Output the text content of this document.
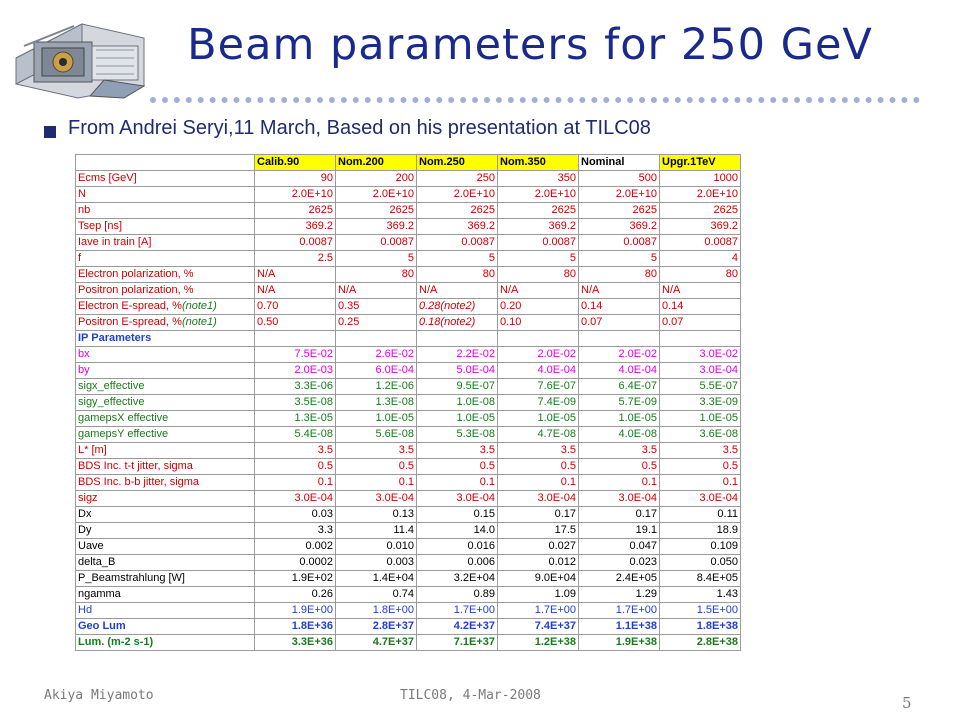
Beam parameters for 250 GeV
From Andrei Seryi,11 March, Based on his presentation at TILC08
	Calib.90	Nom.200	Nom.250	Nom.350	Nominal	Upgr.1TeV
Ecms [GeV]	90	200	250	350	500	1000
N	2.0E+10	2.0E+10	2.0E+10	2.0E+10	2.0E+10	2.0E+10
nb	2625	2625	2625	2625	2625	2625
Tsep [ns]	369.2	369.2	369.2	369.2	369.2	369.2
Iave in train [A]	0.0087	0.0087	0.0087	0.0087	0.0087	0.0087
f	2.5	5	5	5	5	4
Electron polarization, %	N/A	80	80	80	80	80
Positron polarization, %	N/A	N/A	N/A	N/A	N/A	N/A
Electron E-spread, %(note1)	0.70	0.35	0.28(note2)	0.20	0.14	0.14
Positron E-spread, %(note1)	0.50	0.25	0.18(note2)	0.10	0.07	0.07
IP Parameters						
bx	7.5E-02	2.6E-02	2.2E-02	2.0E-02	2.0E-02	3.0E-02
by	2.0E-03	6.0E-04	5.0E-04	4.0E-04	4.0E-04	3.0E-04
sigx_effective	3.3E-06	1.2E-06	9.5E-07	7.6E-07	6.4E-07	5.5E-07
sigy_effective	3.5E-08	1.3E-08	1.0E-08	7.4E-09	5.7E-09	3.3E-09
gamepsX effective	1.3E-05	1.0E-05	1.0E-05	1.0E-05	1.0E-05	1.0E-05
gamepsY effective	5.4E-08	5.6E-08	5.3E-08	4.7E-08	4.0E-08	3.6E-08
L* [m]	3.5	3.5	3.5	3.5	3.5	3.5
BDS Inc. t-t jitter, sigma	0.5	0.5	0.5	0.5	0.5	0.5
BDS Inc. b-b jitter, sigma	0.1	0.1	0.1	0.1	0.1	0.1
sigz	3.0E-04	3.0E-04	3.0E-04	3.0E-04	3.0E-04	3.0E-04
Dx	0.03	0.13	0.15	0.17	0.17	0.11
Dy	3.3	11.4	14.0	17.5	19.1	18.9
Uave	0.002	0.010	0.016	0.027	0.047	0.109
delta_B	0.0002	0.003	0.006	0.012	0.023	0.050
P_Beamstrahlung [W]	1.9E+02	1.4E+04	3.2E+04	9.0E+04	2.4E+05	8.4E+05
ngamma	0.26	0.74	0.89	1.09	1.29	1.43
Hd	1.9E+00	1.8E+00	1.7E+00	1.7E+00	1.7E+00	1.5E+00
Geo Lum	1.8E+36	2.8E+37	4.2E+37	7.4E+37	1.1E+38	1.8E+38
Lum. (m-2 s-1)	3.3E+36	4.7E+37	7.1E+37	1.2E+38	1.9E+38	2.8E+38
Akiya Miyamoto	TILC08, 4-Mar-2008	5
